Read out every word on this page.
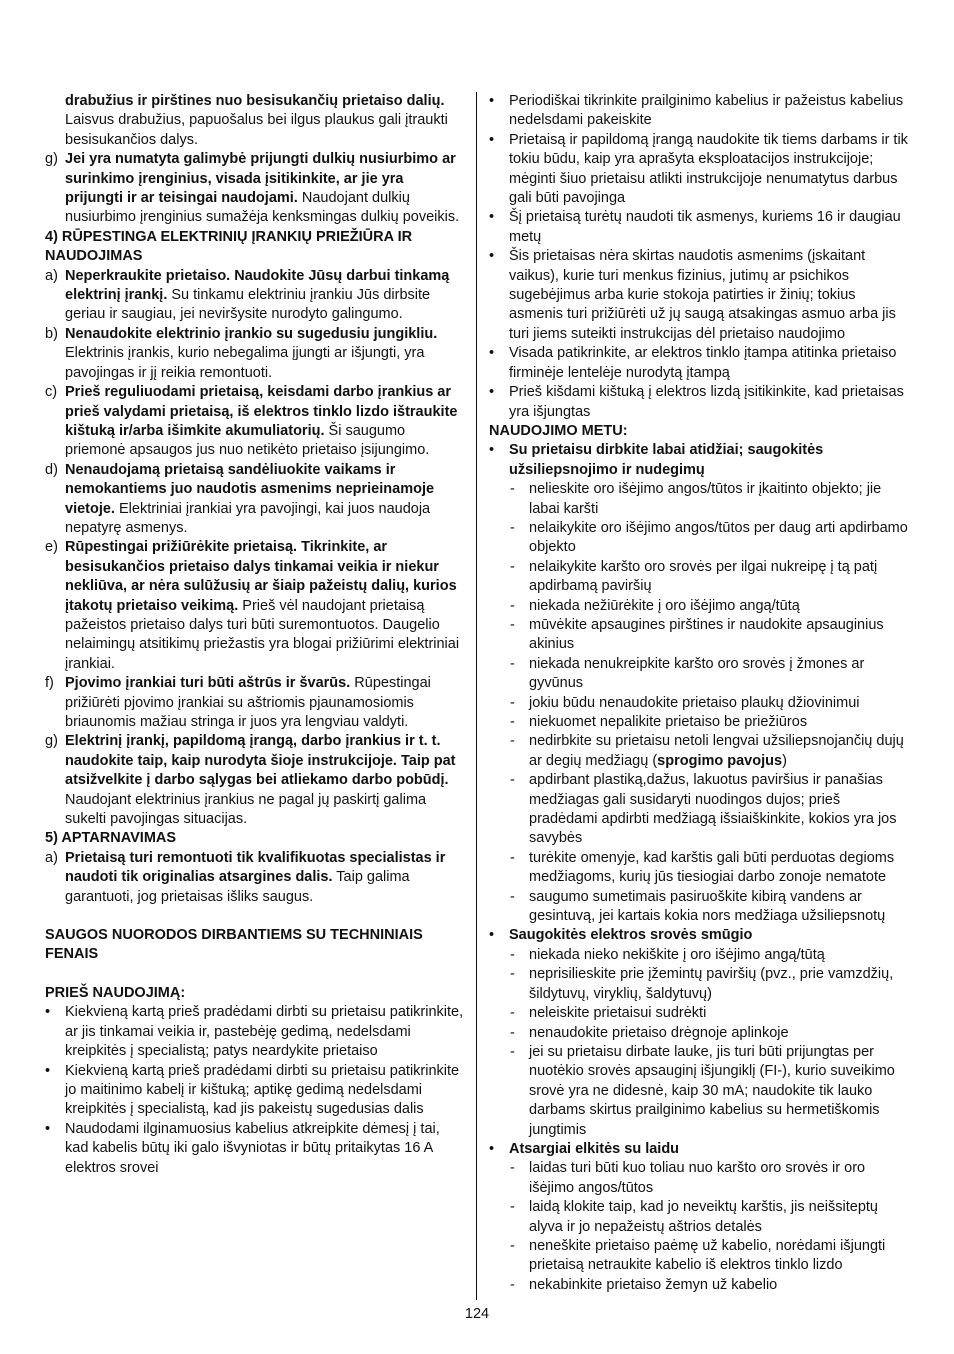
drabužius ir pirštines nuo besisukančių prietaiso dalių. Laisvus drabužius, papuošalus bei ilgus plaukus gali įtraukti besisukančios dalys.
g) Jei yra numatyta galimybė prijungti dulkių nusiurbimo ar surinkimo įrenginius, visada įsitikinkite, ar jie yra prijungti ir ar teisingai naudojami. Naudojant dulkių nusiurbimo įrenginius sumažėja kenksmingas dulkių poveikis.
4) RŪPESTINGA ELEKTRINIŲ ĮRANKIŲ PRIEŽIŪRA IR NAUDOJIMAS
a) Neperkraukite prietaiso. Naudokite Jūsų darbui tinkamą elektrinį įrankį. Su tinkamu elektriniu įrankiu Jūs dirbsite geriau ir saugiau, jei neviršysite nurodyto galingumo.
b) Nenaudokite elektrinio įrankio su sugedusiu jungikliu. Elektrinis įrankis, kurio nebegalima įjungti ar išjungti, yra pavojingas ir jį reikia remontuoti.
c) Prieš reguliuodami prietaisą, keisdami darbo įrankius ar prieš valydami prietaisą, iš elektros tinklo lizdo ištraukite kištuką ir/arba išimkite akumuliatorių. Ši saugumo priemonė apsaugos jus nuo netikėto prietaiso įsijungimo.
d) Nenaudojamą prietaisą sandėliuokite vaikams ir nemokantiems juo naudotis asmenims neprieinamoje vietoje. Elektriniai įrankiai yra pavojingi, kai juos naudoja nepatyrę asmenys.
e) Rūpestingai prižiūrėkite prietaisą. Tikrinkite, ar besisukančios prietaiso dalys tinkamai veikia ir niekur nekliūva, ar nėra sulūžusių ar šiaip pažeistų dalių, kurios įtakotų prietaiso veikimą. Prieš vėl naudojant prietaisą pažeistos prietaiso dalys turi būti suremontuotos. Daugelio nelaimingų atsitikimų priežastis yra blogai prižiūrimi elektriniai įrankiai.
f) Pjovimo įrankiai turi būti aštrūs ir švarūs. Rūpestingai prižiūrėti pjovimo įrankiai su aštriomis pjaunamosiomis briaunomis mažiau stringa ir juos yra lengviau valdyti.
g) Elektrinį įrankį, papildomą įrangą, darbo įrankius ir t. t. naudokite taip, kaip nurodyta šioje instrukcijoje. Taip pat atsižvelkite į darbo sąlygas bei atliekamo darbo pobūdį. Naudojant elektrinius įrankius ne pagal jų paskirtį galima sukelti pavojingas situacijas.
5) APTARNAVIMAS
a) Prietaisą turi remontuoti tik kvalifikuotas specialistas ir naudoti tik originalias atsargines dalis. Taip galima garantuoti, jog prietaisas išliks saugus.
SAUGOS NUORODOS DIRBANTIEMS SU TECHNINIAIS FENAIS
PRIEŠ NAUDOJIMĄ:
• Kiekvieną kartą prieš pradėdami dirbti su prietaisu patikrinkite, ar jis tinkamai veikia ir, pastebėję gedimą, nedelsdami kreipkitės į specialistą; patys neardykite prietaiso
• Kiekvieną kartą prieš pradėdami dirbti su prietaisu patikrinkite jo maitinimo kabelį ir kištuką; aptikę gedimą nedelsdami kreipkitės į specialistą, kad jis pakeistų sugedusias dalis
• Naudodami ilginamuosius kabelius atkreipkite dėmesį į tai, kad kabelis būtų iki galo išvyniotas ir būtų pritaikytas 16 A elektros srovei
• Periodiškai tikrinkite prailginimo kabelius ir pažeistus kabelius nedelsdami pakeiskite
• Prietaisą ir papildomą įrangą naudokite tik tiems darbams ir tik tokiu būdu, kaip yra aprašyta eksploatacijos instrukcijoje; mėginti šiuo prietaisu atlikti instrukcijoje nenumatytus darbus gali būti pavojinga
• Šį prietaisą turėtų naudoti tik asmenys, kuriems 16 ir daugiau metų
• Šis prietaisas nėra skirtas naudotis asmenims (įskaitant vaikus), kurie turi menkus fizinius, jutimų ar psichikos sugebėjimus arba kurie stokoja patirties ir žinių; tokius asmenis turi prižiūrėti už jų saugą atsakingas asmuo arba jis turi jiems suteikti instrukcijas dėl prietaiso naudojimo
• Visada patikrinkite, ar elektros tinklo įtampa atitinka prietaiso firminėje lentelėje nurodytą įtampą
• Prieš kišdami kištuką į elektros lizdą įsitikinkite, kad prietaisas yra išjungtas
NAUDOJIMO METU:
• Su prietaisu dirbkite labai atidžiai; saugokitės užsiliepsnojimo ir nudegimų
- nelieskite oro išėjimo angos/tūtos ir įkaitinto objekto; jie labai karšti
- nelaikykite oro išėjimo angos/tūtos per daug arti apdirbamo objekto
- nelaikykite karšto oro srovės per ilgai nukreipę į tą patį apdirbamą paviršių
- niekada nežiūrėkite į oro išėjimo angą/tūtą
- mūvėkite apsaugines pirštines ir naudokite apsauginius akinius
- niekada nenukreipkite karšto oro srovės į žmones ar gyvūnus
- jokiu būdu nenaudokite prietaiso plaukų džiovinimui
- niekuomet nepalikite prietaiso be priežiūros
- nedirbkite su prietaisu netoli lengvai užsiliepsnojančių dujų ar degių medžiagų (sprogimo pavojus)
- apdirbant plastiką,dažus, lakuotus paviršius ir panašias medžiagas gali susidaryti nuodingos dujos; prieš pradėdami apdirbti medžiagą išsiaiškinkite, kokios yra jos savybės
- turėkite omenyje, kad karštis gali būti perduotas degioms medžiagoms, kurių jūs tiesiogiai darbo zonoje nematote
- saugumo sumetimais pasiruoškite kibirą vandens ar gesintuvą, jei kartais kokia nors medžiaga užsiliepsnotų
• Saugokitės elektros srovės smūgio
- niekada nieko nekiškite į oro išėjimo angą/tūtą
- neprisilieskite prie įžemintų paviršių (pvz., prie vamzdžių, šildytuvų, viryklių, šaldytuvų)
- neleiskite prietaisui sudrėkti
- nenaudokite prietaiso drėgnoje aplinkoje
- jei su prietaisu dirbate lauke, jis turi būti prijungtas per nuotėkio srovės apsauginį išjungiklį (FI-), kurio suveikimo srovė yra ne didesnė, kaip 30 mA; naudokite tik lauko darbams skirtus prailginimo kabelius su hermetiškomis jungtimis
• Atsargiai elkitės su laidu
- laidas turi būti kuo toliau nuo karšto oro srovės ir oro išėjimo angos/tūtos
- laidą klokite taip, kad jo neveiktų karštis, jis neišsiteptų alyva ir jo nepažeistų aštrios detalės
- neneškite prietaiso paėmę už kabelio, norėdami išjungti prietaisą netraukite kabelio iš elektros tinklo lizdo
- nekabinkite prietaiso žemyn už kabelio
124
